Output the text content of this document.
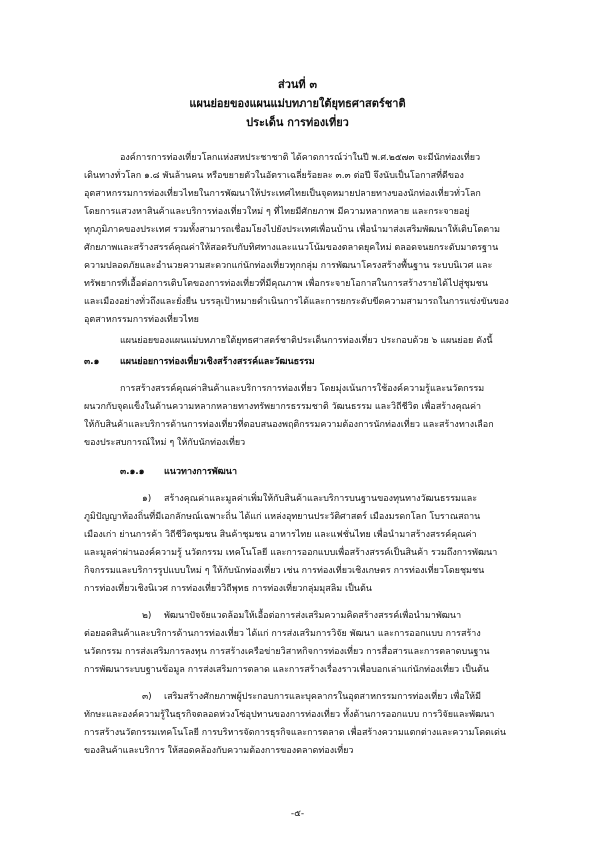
ส่วนที่ ๓
แผนย่อยของแผนแม่บทภายใต้ยุทธศาสตร์ชาติ
ประเด็น การท่องเที่ยว
องค์การการท่องเที่ยวโลกแห่งสหประชาชาติ ได้คาดการณ์ว่าในปี พ.ศ.๒๕๗๓ จะมีนักท่องเที่ยว
เดินทางทั่วโลก ๑.๘ พันล้านคน หรือขยายตัวในอัตราเฉลี่ยร้อยละ ๓.๓ ต่อปี จึงนับเป็นโอกาสที่ดีของ
อุตสาหกรรมการท่องเที่ยวไทยในการพัฒนาให้ประเทศไทยเป็นจุดหมายปลายทางของนักท่องเที่ยวทั่วโลก
โดยการแสวงหาสินค้าและบริการท่องเที่ยวใหม่ ๆ ที่ไทยมีศักยภาพ มีความหลากหลาย และกระจายอยู่
ทุกภูมิภาคของประเทศ รวมทั้งสามารถเชื่อมโยงไปยังประเทศเพื่อนบ้าน เพื่อนำมาส่งเสริมพัฒนาให้เติบโตตาม
ศักยภาพและสร้างสรรค์คุณค่าให้สอดรับกับทิศทางและแนวโน้มของตลาดยุคใหม่ ตลอดจนยกระดับมาตรฐาน
ความปลอดภัยและอำนวยความสะดวกแก่นักท่องเที่ยวทุกกลุ่ม การพัฒนาโครงสร้างพื้นฐาน ระบบนิเวศ และ
ทรัพยากรที่เอื้อต่อการเติบโตของการท่องเที่ยวที่มีคุณภาพ เพื่อกระจายโอกาสในการสร้างรายได้ไปสู่ชุมชน
และเมืองอย่างทั่วถึงและยั่งยืน บรรลุเป้าหมายดำเนินการได้และการยกระดับขีดความสามารถในการแข่งขันของ
อุตสาหกรรมการท่องเที่ยวไทย
แผนย่อยของแผนแม่บทภายใต้ยุทธศาสตร์ชาติประเด็นการท่องเที่ยว ประกอบด้วย ๖ แผนย่อย ดังนี้
๓.๑ แผนย่อยการท่องเที่ยวเชิงสร้างสรรค์และวัฒนธรรม
การสร้างสรรค์คุณค่าสินค้าและบริการการท่องเที่ยว โดยมุ่งเน้นการใช้องค์ความรู้และนวัตกรรม
ผนวกกับจุดแข็งในด้านความหลากหลายทางทรัพยากรธรรมชาติ วัฒนธรรม และวิถีชีวิต เพื่อสร้างคุณค่า
ให้กับสินค้าและบริการด้านการท่องเที่ยวที่ตอบสนองพฤติกรรมความต้องการนักท่องเที่ยว และสร้างทางเลือก
ของประสบการณ์ใหม่ ๆ ให้กับนักท่องเที่ยว
๓.๑.๑ แนวทางการพัฒนา
๑) สร้างคุณค่าและมูลค่าเพิ่มให้กับสินค้าและบริการบนฐานของทุนทางวัฒนธรรมและ
ภูมิปัญญาท้องถิ่นที่มีเอกลักษณ์เฉพาะถิ่น ได้แก่ แหล่งอุทยานประวัติศาสตร์ เมืองมรดกโลก โบราณสถาน
เมืองเก่า ย่านการค้า วิถีชีวิตชุมชน สินค้าชุมชน อาหารไทย และแฟชั่นไทย เพื่อนำมาสร้างสรรค์คุณค่า
และมูลค่าผ่านองค์ความรู้ นวัตกรรม เทคโนโลยี และการออกแบบเพื่อสร้างสรรค์เป็นสินค้า รวมถึงการพัฒนา
กิจกรรมและบริการรูปแบบใหม่ ๆ ให้กับนักท่องเที่ยว เช่น การท่องเที่ยวเชิงเกษตร การท่องเที่ยวโดยชุมชน
การท่องเที่ยวเชิงนิเวศ การท่องเที่ยววิถีพุทธ การท่องเที่ยวกลุ่มมุสลิม เป็นต้น
๒) พัฒนาปัจจัยแวดล้อมให้เอื้อต่อการส่งเสริมความคิดสร้างสรรค์เพื่อนำมาพัฒนา
ต่อยอดสินค้าและบริการด้านการท่องเที่ยว ได้แก่ การส่งเสริมการวิจัย พัฒนา และการออกแบบ การสร้าง
นวัตกรรม การส่งเสริมการลงทุน การสร้างเครือข่ายวิสาหกิจการท่องเที่ยว การสื่อสารและการตลาดบนฐาน
การพัฒนาระบบฐานข้อมูล การส่งเสริมการตลาด และการสร้างเรื่องราวเพื่อบอกเล่าแก่นักท่องเที่ยว เป็นต้น
๓) เสริมสร้างศักยภาพผู้ประกอบการและบุคลากรในอุตสาหกรรมการท่องเที่ยว เพื่อให้มี
ทักษะและองค์ความรู้ในธุรกิจตลอดห่วงโซ่อุปทานของการท่องเที่ยว ทั้งด้านการออกแบบ การวิจัยและพัฒนา
การสร้างนวัตกรรมเทคโนโลยี การบริหารจัดการธุรกิจและการตลาด เพื่อสร้างความแตกต่างและความโดดเด่น
ของสินค้าและบริการ ให้สอดคล้องกับความต้องการของตลาดท่องเที่ยว
-๕-
